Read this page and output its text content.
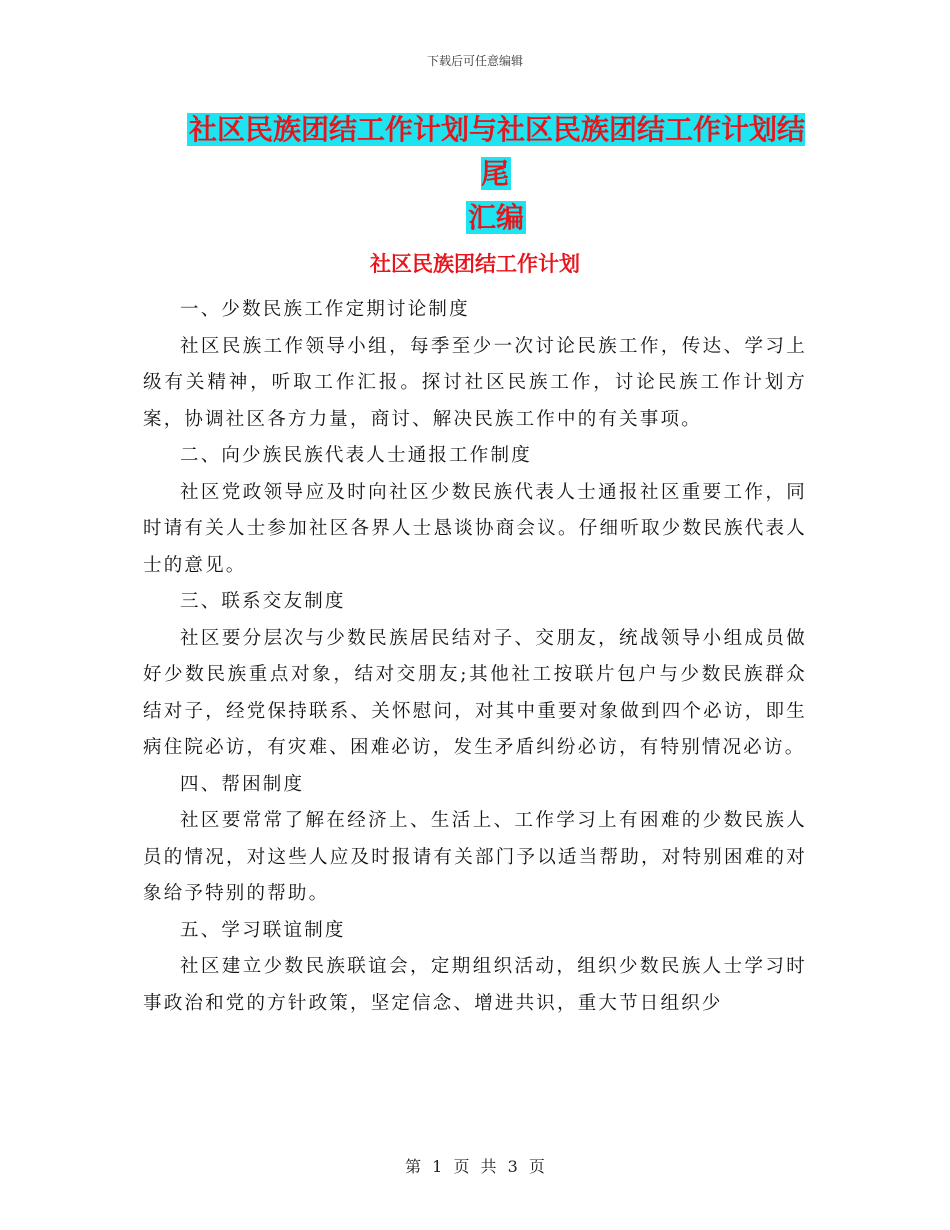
下载后可任意编辑
社区民族团结工作计划与社区民族团结工作计划结尾
汇编
社区民族团结工作计划

一、少数民族工作定期讨论制度

社区民族工作领导小组，每季至少一次讨论民族工作，传达、学习上级有关精神，听取工作汇报。探讨社区民族工作，讨论民族工作计划方案，协调社区各方力量，商讨、解决民族工作中的有关事项。

二、向少族民族代表人士通报工作制度

社区党政领导应及时向社区少数民族代表人士通报社区重要工作，同时请有关人士参加社区各界人士恳谈协商会议。仔细听取少数民族代表人士的意见。

三、联系交友制度

社区要分层次与少数民族居民结对子、交朋友，统战领导小组成员做好少数民族重点对象，结对交朋友;其他社工按联片包户与少数民族群众结对子，经党保持联系、关怀慰问，对其中重要对象做到四个必访，即生病住院必访，有灾难、困难必访，发生矛盾纠纷必访，有特别情况必访。

四、帮困制度

社区要常常了解在经济上、生活上、工作学习上有困难的少数民族人员的情况，对这些人应及时报请有关部门予以适当帮助，对特别困难的对象给予特别的帮助。

五、学习联谊制度

社区建立少数民族联谊会，定期组织活动，组织少数民族人士学习时事政治和党的方针政策，坚定信念、增进共识，重大节日组织少

第 1 页 共 3 页
